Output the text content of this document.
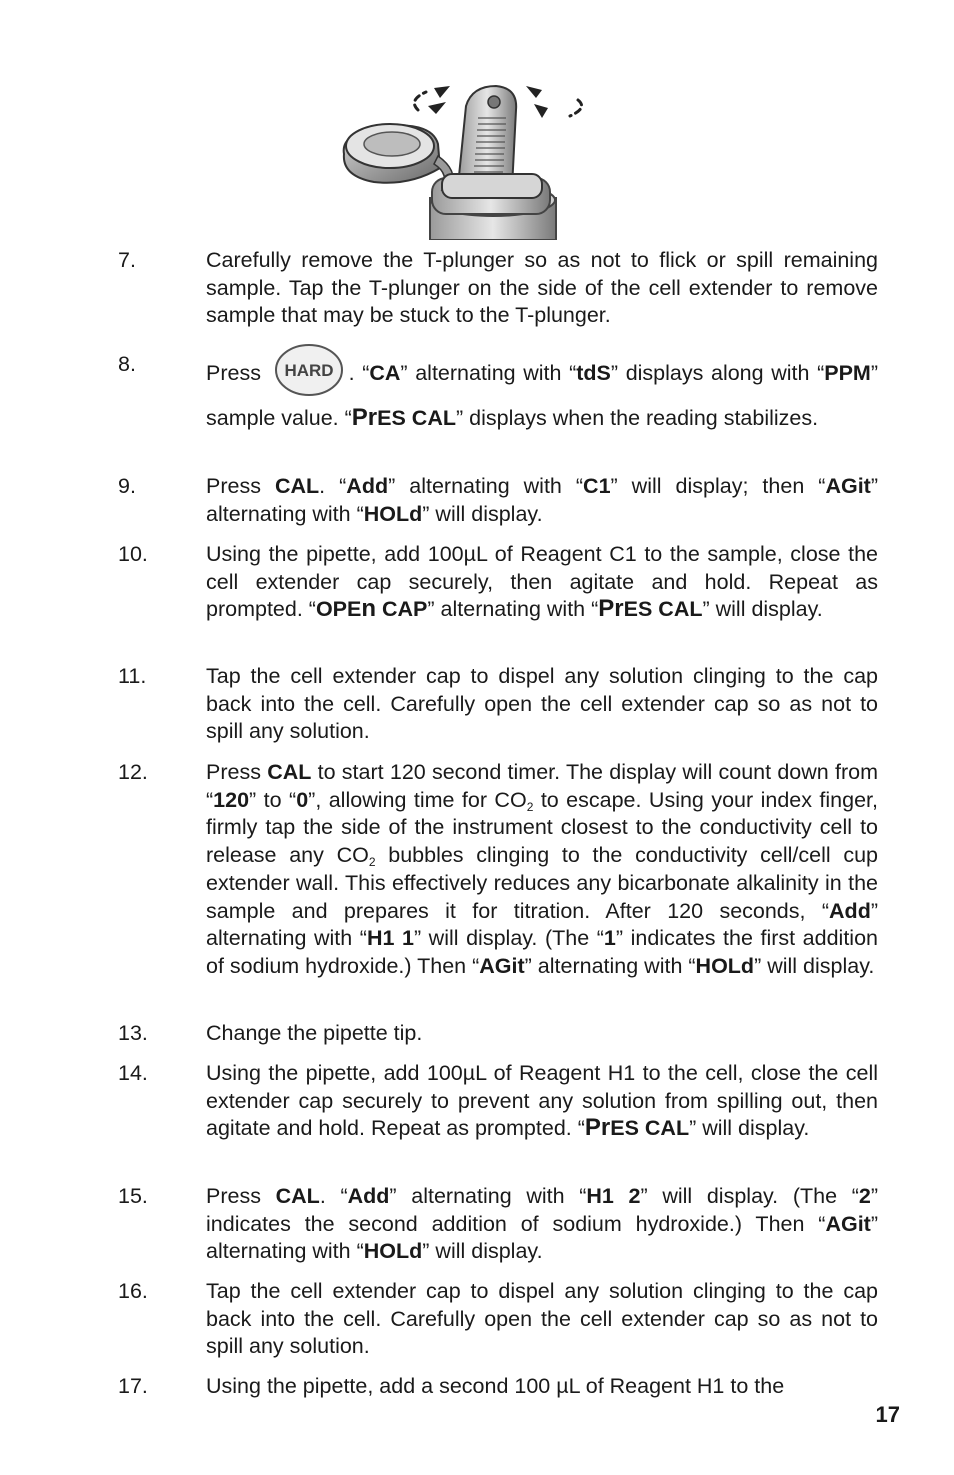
7.	Carefully remove the T-plunger so as not to flick or spill remaining sample. Tap the T-plunger on the side of the cell extender to remove sample that may be stuck to the T-plunger.
8.	Press HARD . “CA” alternating with “tdS” displays along with “PPM” sample value. “PrES CAL” displays when the reading stabilizes.
9.	Press CAL. “Add” alternating with “C1” will display; then “AGit” alternating with “HOLd” will display.
10.	Using the pipette, add 100µL of Reagent C1 to the sample, close the cell extender cap securely, then agitate and hold. Repeat as prompted. “OPEn CAP” alternating with “PrES CAL” will display.
11.	Tap the cell extender cap to dispel any solution clinging to the cap back into the cell. Carefully open the cell extender cap so as not to spill any solution.
12.	Press CAL to start 120 second timer. The display will count down from “120” to “0”, allowing time for $CO_2$ to escape. Using your index finger, firmly tap the side of the instrument closest to the conductivity cell to release any $CO_2$ bubbles clinging to the conductivity cell/cell cup extender wall. This effectively reduces any bicarbonate alkalinity in the sample and prepares it for titration. After 120 seconds, “Add” alternating with “H1 1” will display. (The “1” indicates the first addition of sodium hydroxide.) Then “AGit” alternating with “HOLd” will display.
13.	Change the pipette tip.
14.	Using the pipette, add 100µL of Reagent H1 to the cell, close the cell extender cap securely to prevent any solution from spilling out, then agitate and hold. Repeat as prompted. “PrES CAL” will display.
15.	Press CAL. “Add” alternating with “H1 2” will display. (The “2” indicates the second addition of sodium hydroxide.) Then “AGit” alternating with “HOLd” will display.
16.	Tap the cell extender cap to dispel any solution clinging to the cap back into the cell. Carefully open the cell extender cap so as not to spill any solution.
17.	Using the pipette, add a second 100 µL of Reagent H1 to the
17
